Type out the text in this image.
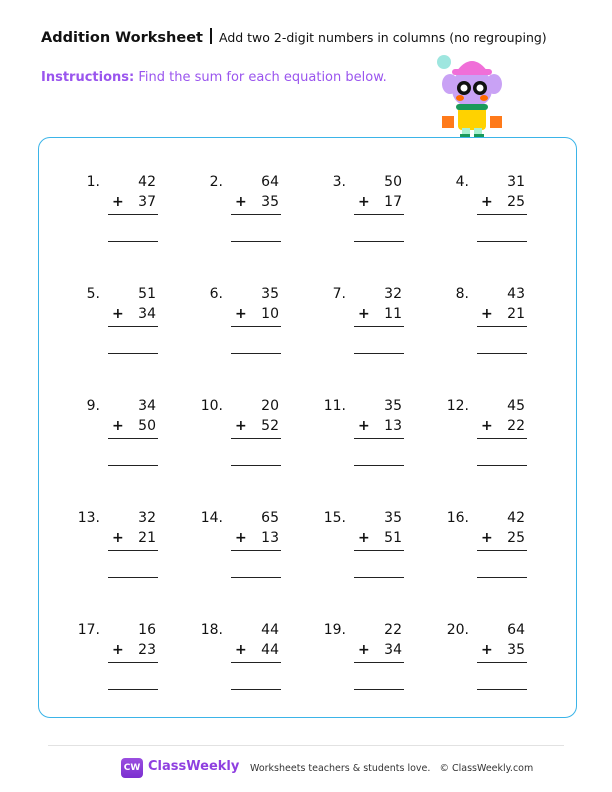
Addition Worksheet Add two 2-digit numbers in columns (no regrouping)
Instructions: Find the sum for each equation below.
1.	42
+ 37
2.	64
+ 35
3.	50
+ 17
4.	31
+ 25
5.	51
+ 34
6.	35
+ 10
7.	32
+ 11
8.	43
+ 21
9.	34
+ 50
10.	20
+ 52
11.	35
+ 13
12.	45
+ 22
13.	32
+ 21
14.	65
+ 13
15.	35
+ 51
16.	42
+ 25
17.	16
+ 23
18.	44
+ 44
19.	22
+ 34
20.	64
+ 35
CW ClassWeekly Worksheets teachers & students love. © ClassWeekly.com
